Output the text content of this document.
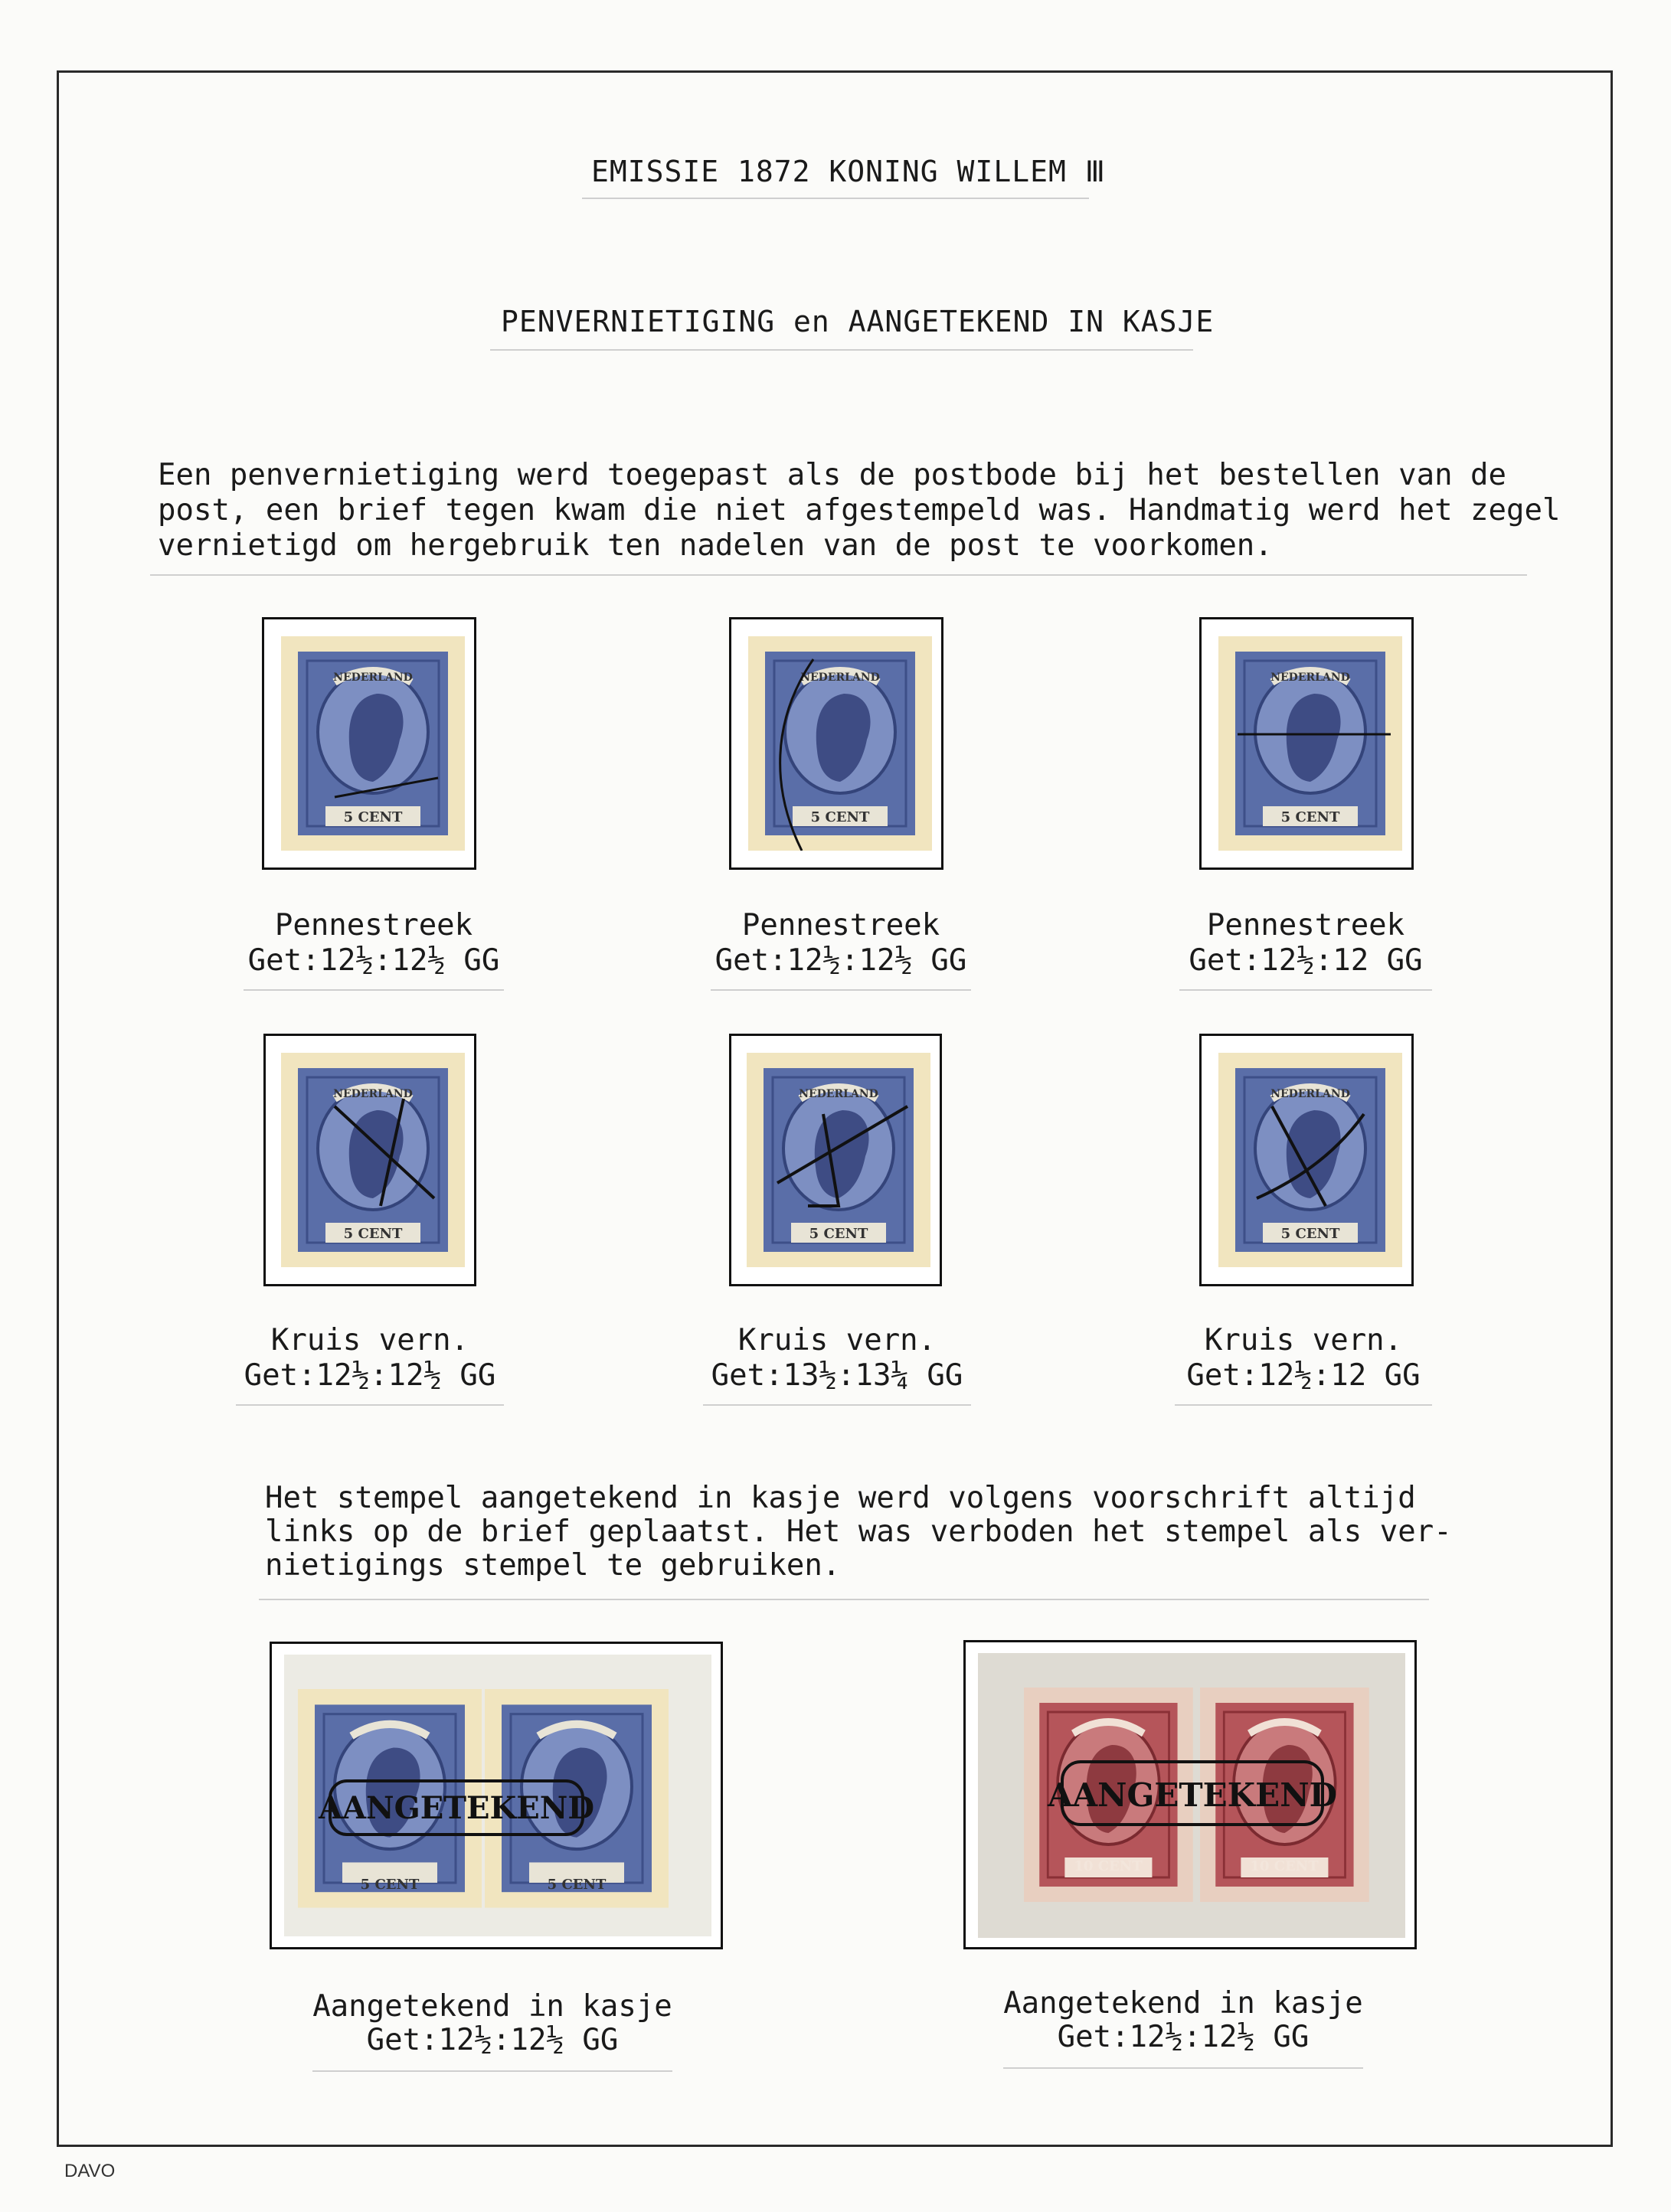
EMISSIE 1872 KONING WILLEM Ⅲ
PENVERNIETIGING en AANGETEKEND IN KASJE
Een penvernietiging werd toegepast als de postbode bij het bestellen van de
post, een brief tegen kwam die niet afgestempeld was. Handmatig werd het zegel
vernietigd om hergebruik ten nadelen van de post te voorkomen.
5 CENT
NEDERLAND
5 CENT
NEDERLAND
5 CENT
NEDERLAND
Pennestreek
Get:12½:12½ GG
Pennestreek
Get:12½:12½ GG
Pennestreek
Get:12½:12 GG
5 CENT
NEDERLAND
5 CENT
NEDERLAND
5 CENT
NEDERLAND
Kruis vern.
Get:12½:12½ GG
Kruis vern.
Get:13½:13¼ GG
Kruis vern.
Get:12½:12 GG
Het stempel aangetekend in kasje werd volgens voorschrift altijd
links op de brief geplaatst. Het was verboden het stempel als ver-
nietigings stempel te gebruiken.
5 CENT	5 CENT
AANGETEKEND
10 CENT	10 CENT
AANGETEKEND
Aangetekend in kasje
Get:12½:12½ GG
Aangetekend in kasje
Get:12½:12½ GG
DAVO
